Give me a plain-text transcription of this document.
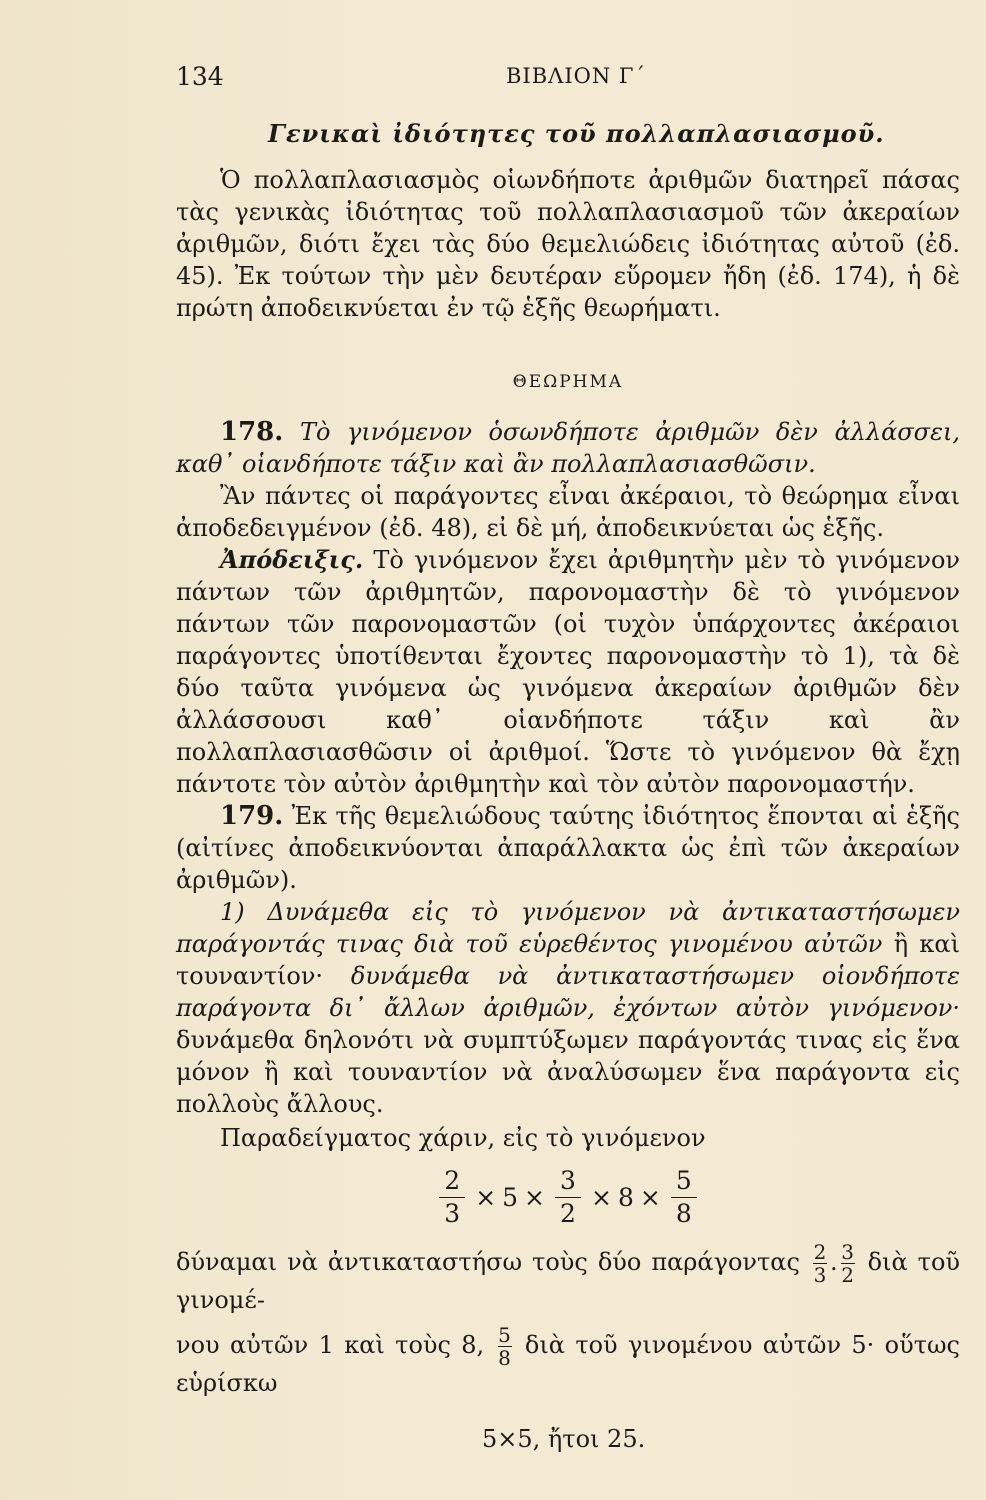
134	ΒΙΒΛΙΟΝ Γ΄
Γενικαὶ ἰδιότητες τοῦ πολλαπλασιασμοῦ.

Ὁ πολλαπλασιασμὸς οἱωνδήποτε ἀριθμῶν διατηρεῖ πάσας τὰς γενικὰς ἰδιότητας τοῦ πολλαπλασιασμοῦ τῶν ἀκεραίων ἀριθμῶν, διότι ἔχει τὰς δύο θεμελιώδεις ἰδιότητας αὐτοῦ (ἐδ. 45). Ἐκ τούτων τὴν μὲν δευτέραν εὕρομεν ἤδη (ἐδ. 174), ἡ δὲ πρώτη ἀποδεικνύεται ἐν τῷ ἑξῆς θεωρήματι.

ΘΕΩΡΗΜΑ

178. Τὸ γινόμενον ὁσωνδήποτε ἀριθμῶν δὲν ἀλλάσσει, καθ᾽ οἱανδήποτε τάξιν καὶ ἂν πολλαπλασιασθῶσιν.

Ἂν πάντες οἱ παράγοντες εἶναι ἀκέραιοι, τὸ θεώρημα εἶναι ἀποδεδειγμένον (ἐδ. 48), εἰ δὲ μή, ἀποδεικνύεται ὡς ἑξῆς.

Ἀπόδειξις. Τὸ γινόμενον ἔχει ἀριθμητὴν μὲν τὸ γινόμενον πάντων τῶν ἀριθμητῶν, παρονομαστὴν δὲ τὸ γινόμενον πάντων τῶν παρονομαστῶν (οἱ τυχὸν ὑπάρχοντες ἀκέραιοι παράγοντες ὑποτίθενται ἔχοντες παρονομαστὴν τὸ 1), τὰ δὲ δύο ταῦτα γινόμενα ὡς γινόμενα ἀκεραίων ἀριθμῶν δὲν ἀλλάσσουσι καθ᾽ οἱανδήποτε τάξιν καὶ ἂν πολλαπλασιασθῶσιν οἱ ἀριθμοί. Ὥστε τὸ γινόμενον θὰ ἔχῃ πάντοτε τὸν αὐτὸν ἀριθμητὴν καὶ τὸν αὐτὸν παρονομαστήν.

179. Ἐκ τῆς θεμελιώδους ταύτης ἰδιότητος ἕπονται αἱ ἑξῆς (αἰτίνες ἀποδεικνύονται ἀπαράλλακτα ὡς ἐπὶ τῶν ἀκεραίων ἀριθμῶν).

1) Δυνάμεθα εἰς τὸ γινόμενον νὰ ἀντικαταστήσωμεν παράγοντάς τινας διὰ τοῦ εὑρεθέντος γινομένου αὐτῶν ἢ καὶ τουναντίον· δυνάμεθα νὰ ἀντικαταστήσωμεν οἱονδήποτε παράγοντα δι᾽ ἄλλων ἀριθμῶν, ἐχόντων αὐτὸν γινόμενον· δυνάμεθα δηλονότι νὰ συμπτύξωμεν παράγοντάς τινας εἰς ἕνα μόνον ἢ καὶ τουναντίον νὰ ἀναλύσωμεν ἕνα παράγοντα εἰς πολλοὺς ἄλλους.

Παραδείγματος χάριν, εἰς τὸ γινόμενον

$\frac{2}{3} \times 5 \times \frac{3}{2} \times 8 \times \frac{5}{8}$

δύναμαι νὰ ἀντικαταστήσω τοὺς δύο παράγοντας $\frac{2}{3}$ . $\frac{3}{2}$ διὰ τοῦ γινομέ-

νου αὐτῶν 1 καὶ τοὺς 8, $\frac{5}{8}$ διὰ τοῦ γινομένου αὐτῶν 5· οὕτως εὑρίσκω

5×5, ἤτοι 25.
